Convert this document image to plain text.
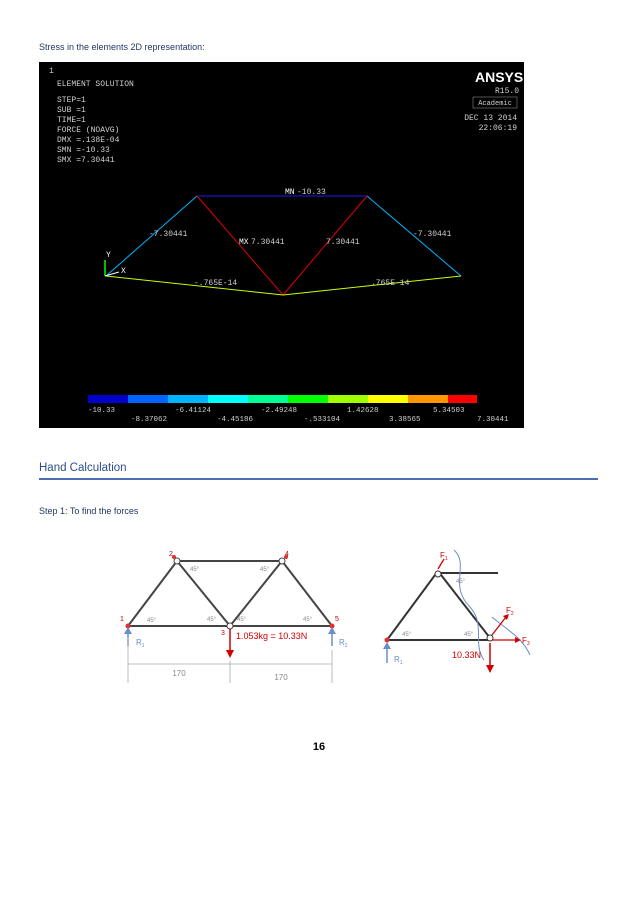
Stress in the elements 2D representation:
1
ELEMENT SOLUTION
STEP=1
SUB =1
TIME=1
FORCE (NOAVG)
DMX =.138E-04
SMN =-10.33
SMX =7.30441
ANSYS
R15.0
Academic
DEC 13 2014
22:06:19
MN -10.33
-7.30441
MX 7.30441	7.30441
-7.30441
-.765E-14	.765E-14
Y
X
-10.33	-6.41124	-2.49248	1.42628	5.34503
-8.37062	-4.45186	-.533104	3.38565	7.30441
Hand Calculation
Step 1: To find the forces
1
2
3
4
5
45°
45°
45°	45°
45°
45°
1.053kg = 10.33N
$R_1$	$R_2$
170	170
45°	45°
45°
$F_1$
$F_2$
$F_3$
10.33N
$R_1$
16
